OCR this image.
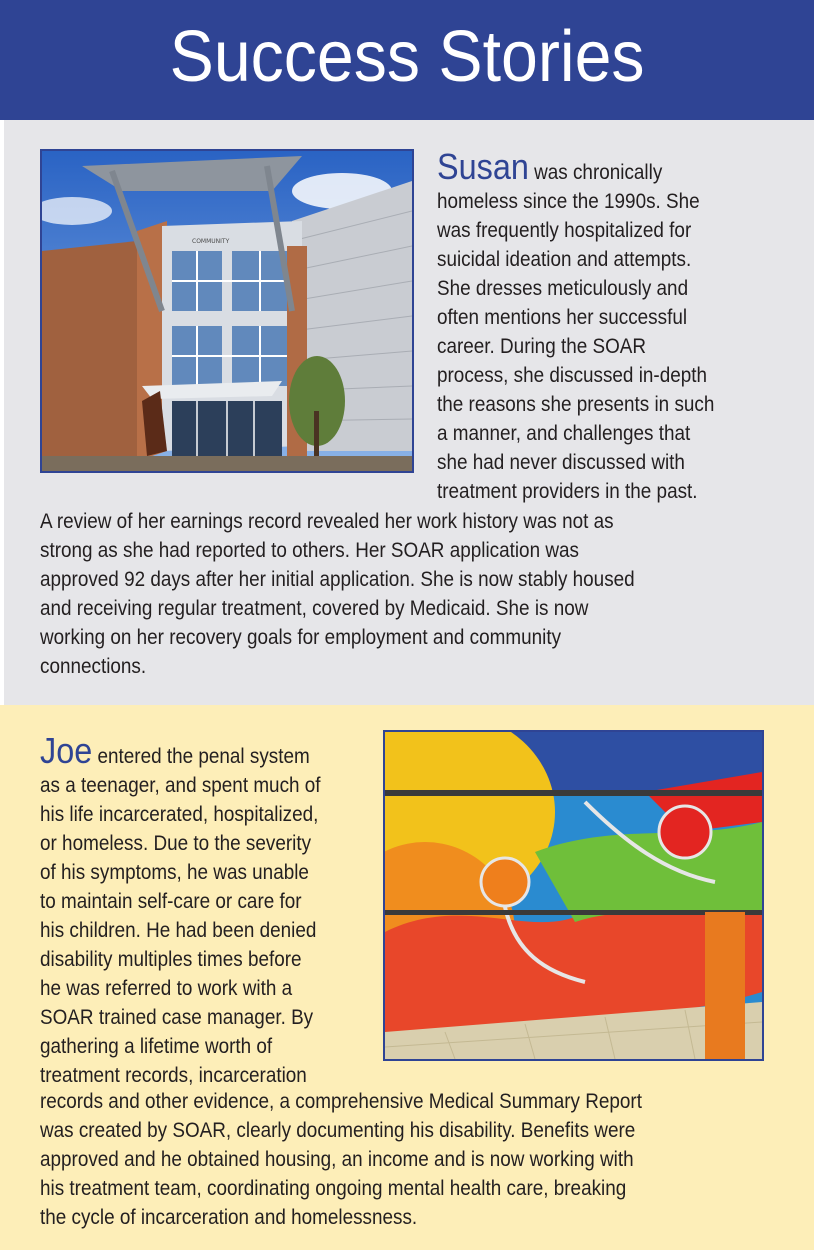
Success Stories
COMMUNITY
Susan was chronically
homeless since the 1990s. She
was frequently hospitalized for
suicidal ideation and attempts.
She dresses meticulously and
often mentions her successful
career. During the SOAR
process, she discussed in-depth
the reasons she presents in such
a manner, and challenges that
she had never discussed with
treatment providers in the past.
A review of her earnings record revealed her work history was not as
strong as she had reported to others. Her SOAR application was
approved 92 days after her initial application. She is now stably housed
and receiving regular treatment, covered by Medicaid. She is now
working on her recovery goals for employment and community
connections.
Joe entered the penal system
as a teenager, and spent much of
his life incarcerated, hospitalized,
or homeless. Due to the severity
of his symptoms, he was unable
to maintain self-care or care for
his children. He had been denied
disability multiples times before
he was referred to work with a
SOAR trained case manager. By
gathering a lifetime worth of
treatment records, incarceration
records and other evidence, a comprehensive Medical Summary Report
was created by SOAR, clearly documenting his disability. Benefits were
approved and he obtained housing, an income and is now working with
his treatment team, coordinating ongoing mental health care, breaking
the cycle of incarceration and homelessness.
